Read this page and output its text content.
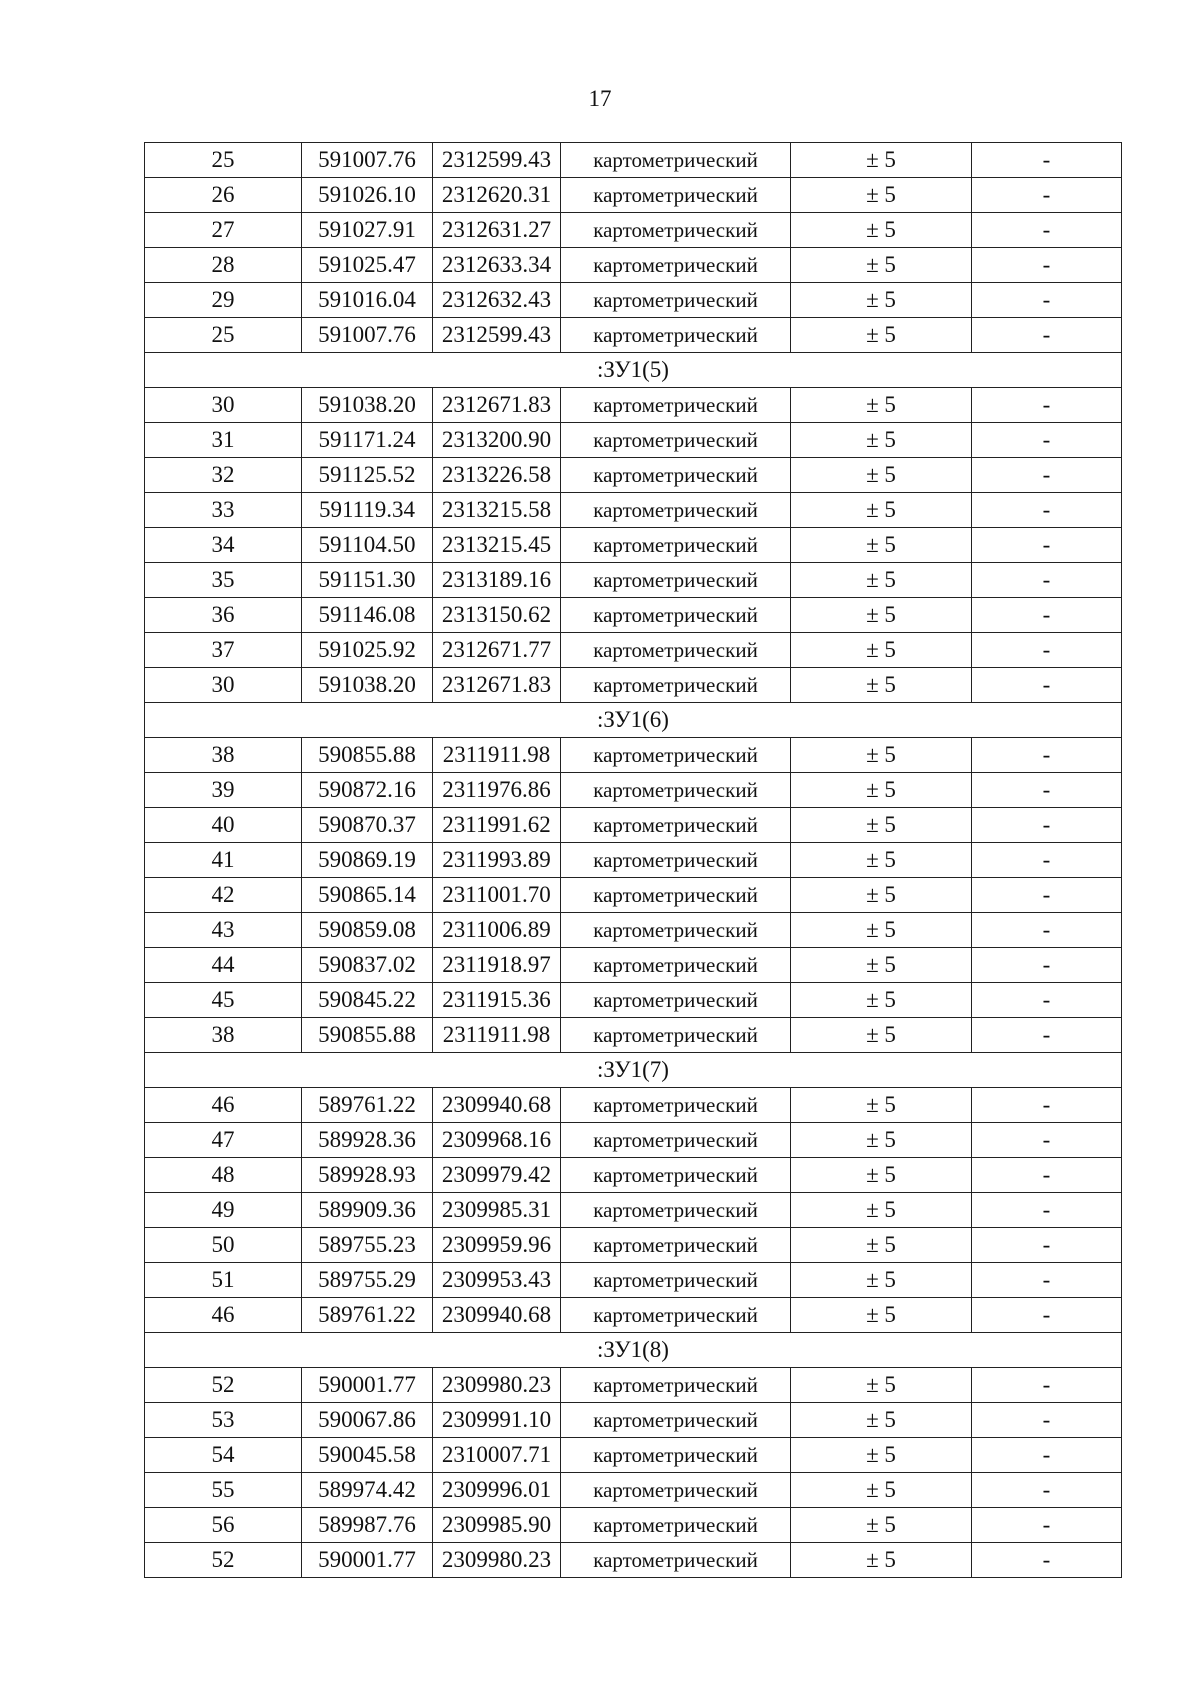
17
25	591007.76	2312599.43	картометрический	± 5	-
26	591026.10	2312620.31	картометрический	± 5	-
27	591027.91	2312631.27	картометрический	± 5	-
28	591025.47	2312633.34	картометрический	± 5	-
29	591016.04	2312632.43	картометрический	± 5	-
25	591007.76	2312599.43	картометрический	± 5	-
:ЗУ1(5)					
30	591038.20	2312671.83	картометрический	± 5	-
31	591171.24	2313200.90	картометрический	± 5	-
32	591125.52	2313226.58	картометрический	± 5	-
33	591119.34	2313215.58	картометрический	± 5	-
34	591104.50	2313215.45	картометрический	± 5	-
35	591151.30	2313189.16	картометрический	± 5	-
36	591146.08	2313150.62	картометрический	± 5	-
37	591025.92	2312671.77	картометрический	± 5	-
30	591038.20	2312671.83	картометрический	± 5	-
:ЗУ1(6)					
38	590855.88	2311911.98	картометрический	± 5	-
39	590872.16	2311976.86	картометрический	± 5	-
40	590870.37	2311991.62	картометрический	± 5	-
41	590869.19	2311993.89	картометрический	± 5	-
42	590865.14	2311001.70	картометрический	± 5	-
43	590859.08	2311006.89	картометрический	± 5	-
44	590837.02	2311918.97	картометрический	± 5	-
45	590845.22	2311915.36	картометрический	± 5	-
38	590855.88	2311911.98	картометрический	± 5	-
:ЗУ1(7)					
46	589761.22	2309940.68	картометрический	± 5	-
47	589928.36	2309968.16	картометрический	± 5	-
48	589928.93	2309979.42	картометрический	± 5	-
49	589909.36	2309985.31	картометрический	± 5	-
50	589755.23	2309959.96	картометрический	± 5	-
51	589755.29	2309953.43	картометрический	± 5	-
46	589761.22	2309940.68	картометрический	± 5	-
:ЗУ1(8)					
52	590001.77	2309980.23	картометрический	± 5	-
53	590067.86	2309991.10	картометрический	± 5	-
54	590045.58	2310007.71	картометрический	± 5	-
55	589974.42	2309996.01	картометрический	± 5	-
56	589987.76	2309985.90	картометрический	± 5	-
52	590001.77	2309980.23	картометрический	± 5	-
